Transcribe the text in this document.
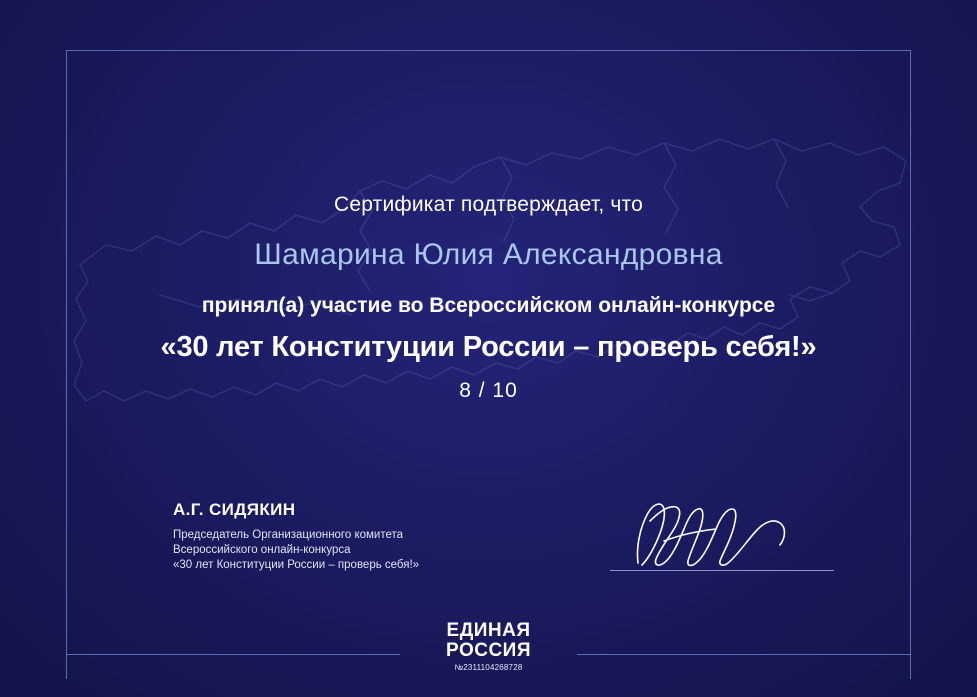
Сертификат подтверждает, что
Шамарина Юлия Александровна
принял(а) участие во Всероссийском онлайн-конкурсе
«30 лет Конституции России – проверь себя!»
8 / 10
А.Г. СИДЯКИН
Председатель Организационного комитета
Всероссийского онлайн-конкурса
«30 лет Конституции России – проверь себя!»
ЕДИНАЯ
РОССИЯ
№2311104268728
